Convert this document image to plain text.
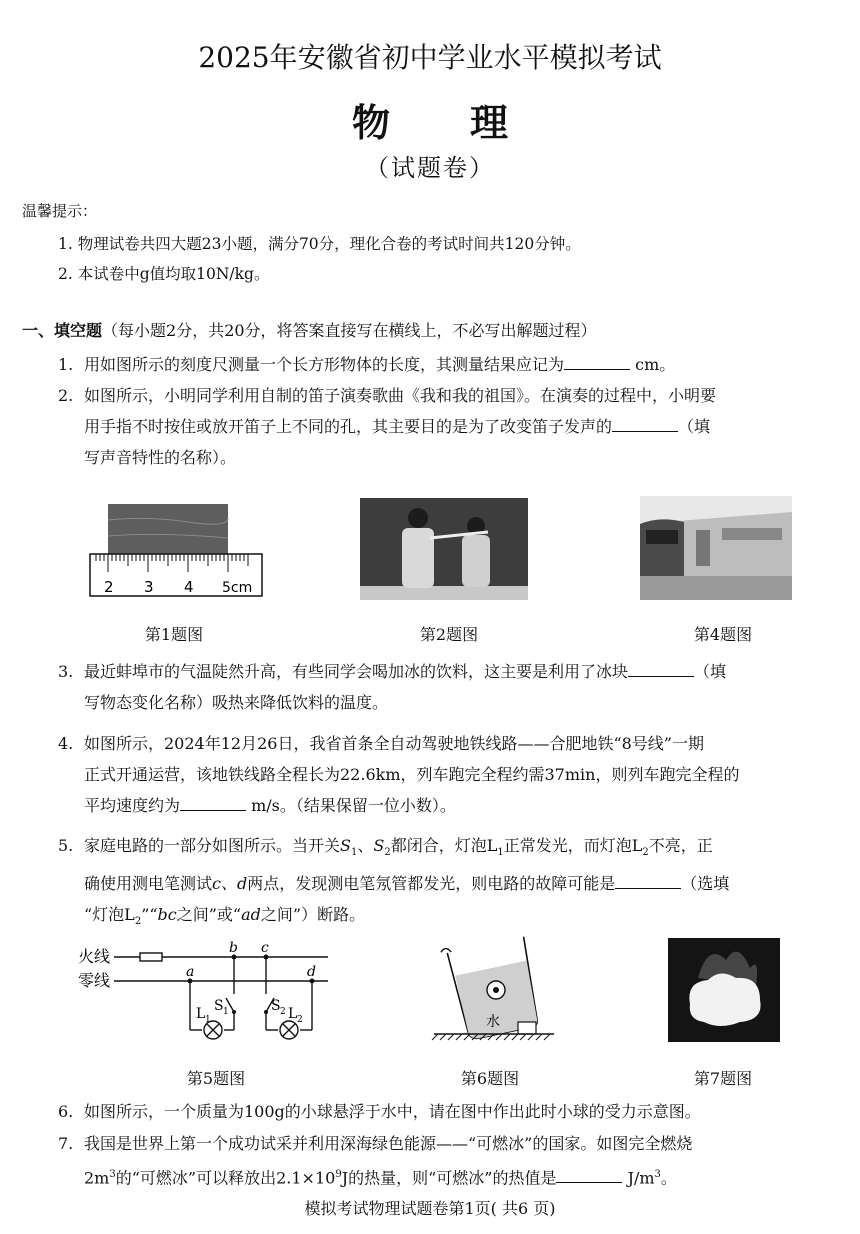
2025年安徽省初中学业水平模拟考试
物理
（试题卷）
温馨提示：
1. 物理试卷共四大题23小题，满分70分，理化合卷的考试时间共120分钟。
2. 本试卷中g值均取10N/kg。
一、填空题（每小题2分，共20分，将答案直接写在横线上，不必写出解题过程）
1. 用如图所示的刻度尺测量一个长方形物体的长度，其测量结果应记为	cm。
2. 如图所示，小明同学利用自制的笛子演奏歌曲《我和我的祖国》。在演奏的过程中，小明要
用手指不时按住或放开笛子上不同的孔，其主要目的是为了改变笛子发声的	（填
写声音特性的名称）。
2 3 4 5cm
第1题图	第2题图	第4题图
3. 最近蚌埠市的气温陡然升高，有些同学会喝加冰的饮料，这主要是利用了冰块	（填
写物态变化名称）吸热来降低饮料的温度。
4. 如图所示，2024年12月26日，我省首条全自动驾驶地铁线路——合肥地铁“8号线”一期
正式开通运营，该地铁线路全程长为22.6km，列车跑完全程约需37min，则列车跑完全程的
平均速度约为	m/s。（结果保留一位小数）。
5. 家庭电路的一部分如图所示。当开关$S_1$、$S_2$都闭合，灯泡$L_1$正常发光，而灯泡$L_2$不亮，正
确使用测电笔测试c、d两点，发现测电笔氖管都发光，则电路的故障可能是	（选填
“灯泡$L_2”“bc$之间”或“ad之间”）断路。
火线
零线	a
b c
d
L 1
S 1	S 2 L 2	水
第5题图	第6题图	第7题图
6. 如图所示，一个质量为100g的小球悬浮于水中，请在图中作出此时小球的受力示意图。
7. 我国是世界上第一个成功试采并利用深海绿色能源——“可燃冰”的国家。如图完全燃烧
$2m^3$的“可燃冰”可以释放出$2.1\times 10^9J$的热量，则“可燃冰”的热值是	$J/m^3$。
模拟考试物理试题卷第1页( 共6 页)
